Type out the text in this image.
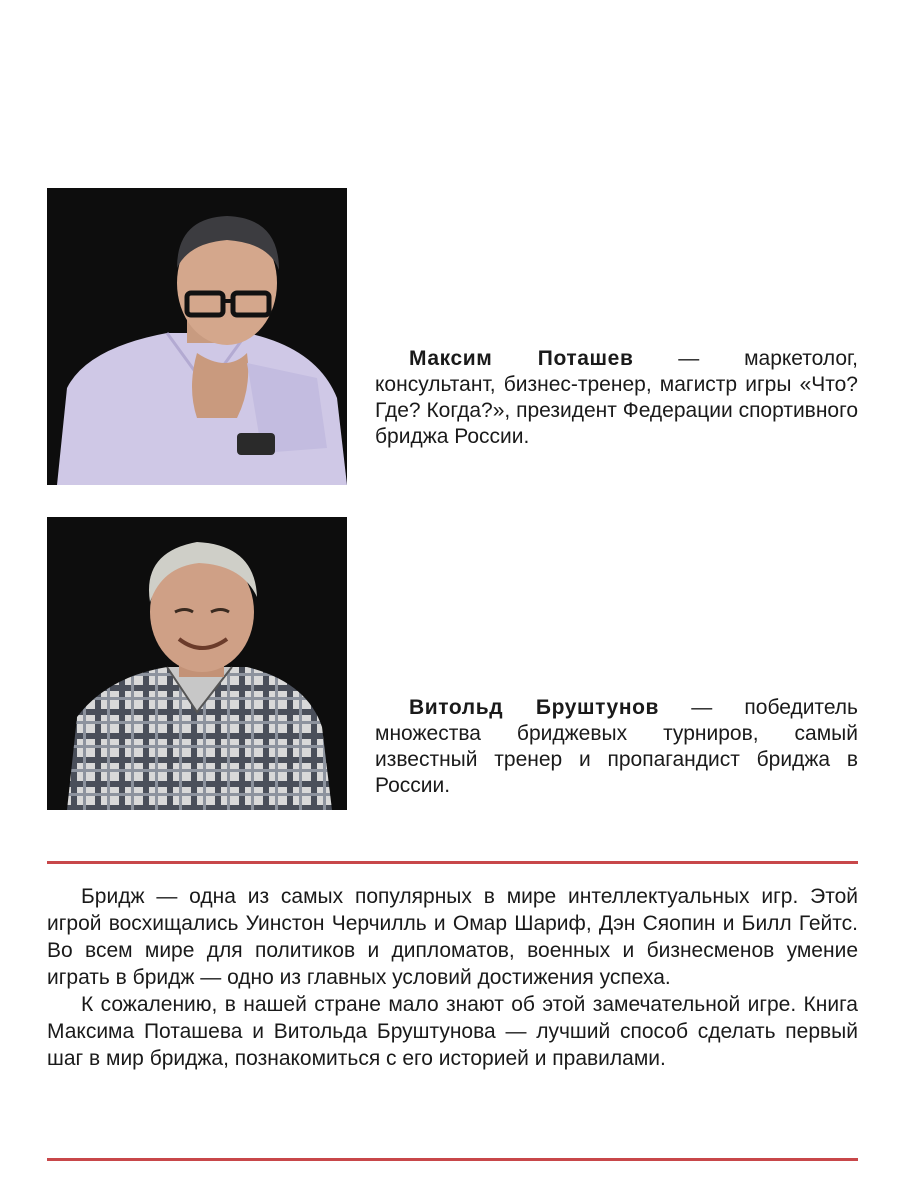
Максим Поташев — маркетолог, консультант, бизнес-тренер, магистр игры «Что? Где? Когда?», президент Федерации спортивного бриджа России.

Витольд Бруштунов — победитель множества бриджевых турниров, самый известный тренер и пропагандист бриджа в России.

Бридж — одна из самых популярных в мире интеллектуальных игр. Этой игрой восхищались Уинстон Черчилль и Омар Шариф, Дэн Сяопин и Билл Гейтс. Во всем мире для политиков и дипломатов, военных и бизнесменов умение играть в бридж — одно из главных условий достижения успеха.

К сожалению, в нашей стране мало знают об этой замечательной игре. Книга Максима Поташева и Витольда Бруштунова — лучший способ сделать первый шаг в мир бриджа, познакомиться с его историей и правилами.
